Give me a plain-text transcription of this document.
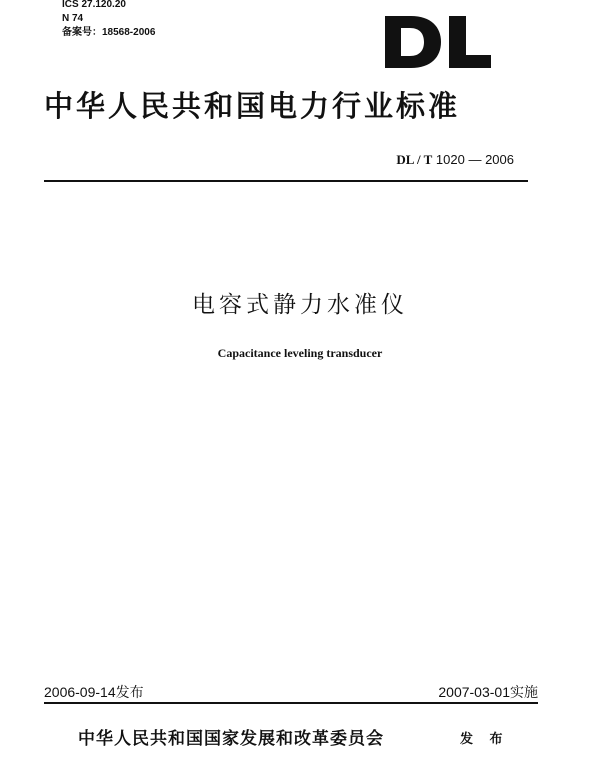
ICS 27.120.20
N 74
备案号：18568-2006
中华人民共和国电力行业标准
DL / T 1020 — 2006
电容式静力水准仪
Capacitance leveling transducer
2006-09-14发布	2007-03-01实施
中华人民共和国国家发展和改革委员会	发 布
